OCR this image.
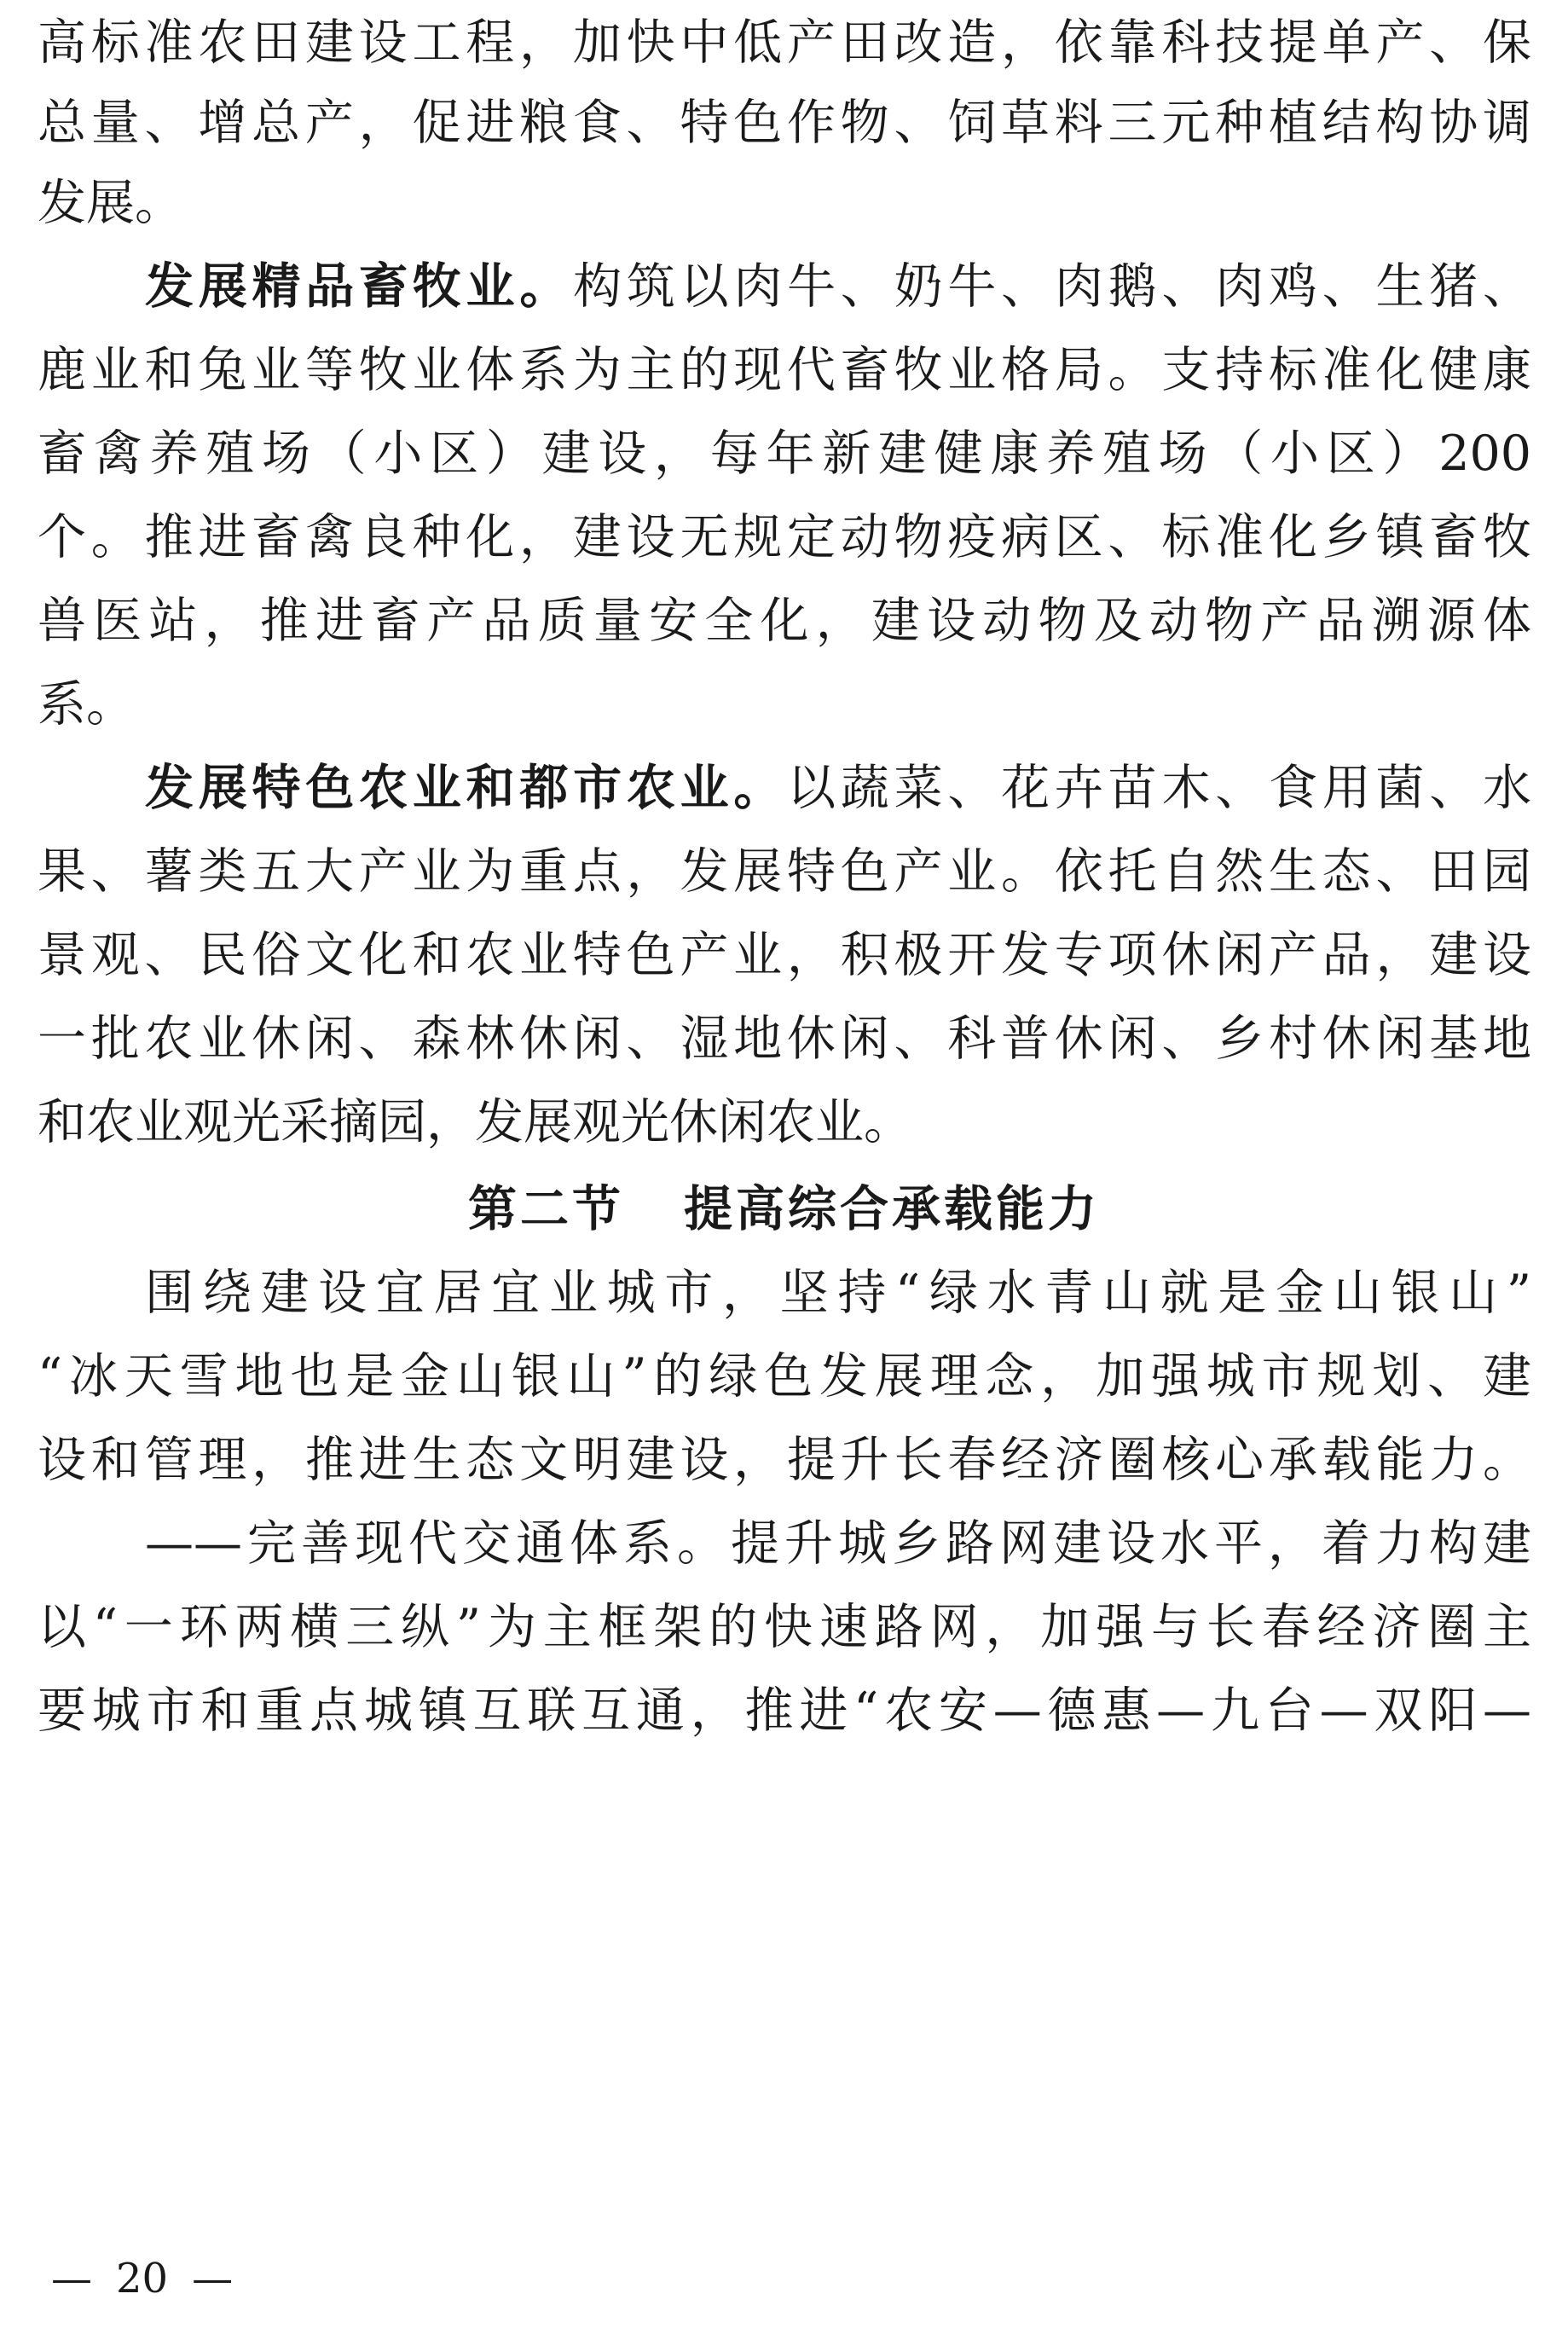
高标准农田建设工程，加快中低产田改造，依靠科技提单产、保
总量、增总产，促进粮食、特色作物、饲草料三元种植结构协调
发展。
发展精品畜牧业。构筑以肉牛、奶牛、肉鹅、肉鸡、生猪、
鹿业和兔业等牧业体系为主的现代畜牧业格局。支持标准化健康
畜禽养殖场（小区）建设，每年新建健康养殖场（小区）200
个。推进畜禽良种化，建设无规定动物疫病区、标准化乡镇畜牧
兽医站，推进畜产品质量安全化，建设动物及动物产品溯源体
系。
发展特色农业和都市农业。以蔬菜、花卉苗木、食用菌、水
果、薯类五大产业为重点，发展特色产业。依托自然生态、田园
景观、民俗文化和农业特色产业，积极开发专项休闲产品，建设
一批农业休闲、森林休闲、湿地休闲、科普休闲、乡村休闲基地
和农业观光采摘园，发展观光休闲农业。
第二节 提高综合承载能力
围绕建设宜居宜业城市，坚持“绿水青山就是金山银山”
“冰天雪地也是金山银山”的绿色发展理念，加强城市规划、建
设和管理，推进生态文明建设，提升长春经济圈核心承载能力。
——完善现代交通体系。提升城乡路网建设水平，着力构建
以“一环两横三纵”为主框架的快速路网，加强与长春经济圈主
要城市和重点城镇互联互通，推进“农安—德惠—九台—双阳—
— 20 —
